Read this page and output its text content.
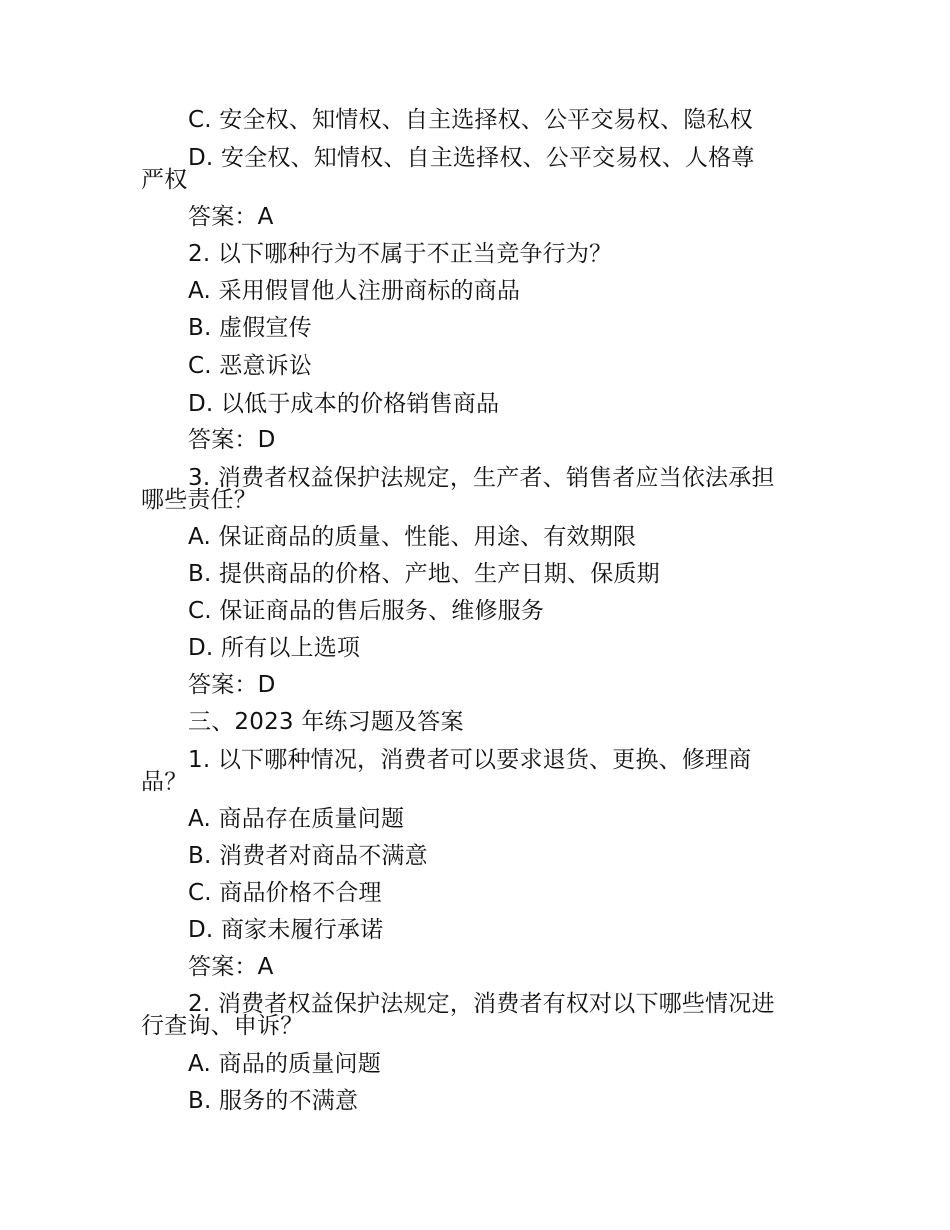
C. 安全权、知情权、自主选择权、公平交易权、隐私权
D. 安全权、知情权、自主选择权、公平交易权、人格尊
严权
答案：A
2. 以下哪种行为不属于不正当竞争行为？
A. 采用假冒他人注册商标的商品
B. 虚假宣传
C. 恶意诉讼
D. 以低于成本的价格销售商品
答案：D
3. 消费者权益保护法规定，生产者、销售者应当依法承担
哪些责任？
A. 保证商品的质量、性能、用途、有效期限
B. 提供商品的价格、产地、生产日期、保质期
C. 保证商品的售后服务、维修服务
D. 所有以上选项
答案：D
三、2023 年练习题及答案
1. 以下哪种情况，消费者可以要求退货、更换、修理商
品？
A. 商品存在质量问题
B. 消费者对商品不满意
C. 商品价格不合理
D. 商家未履行承诺
答案：A
2. 消费者权益保护法规定，消费者有权对以下哪些情况进
行查询、申诉？
A. 商品的质量问题
B. 服务的不满意
